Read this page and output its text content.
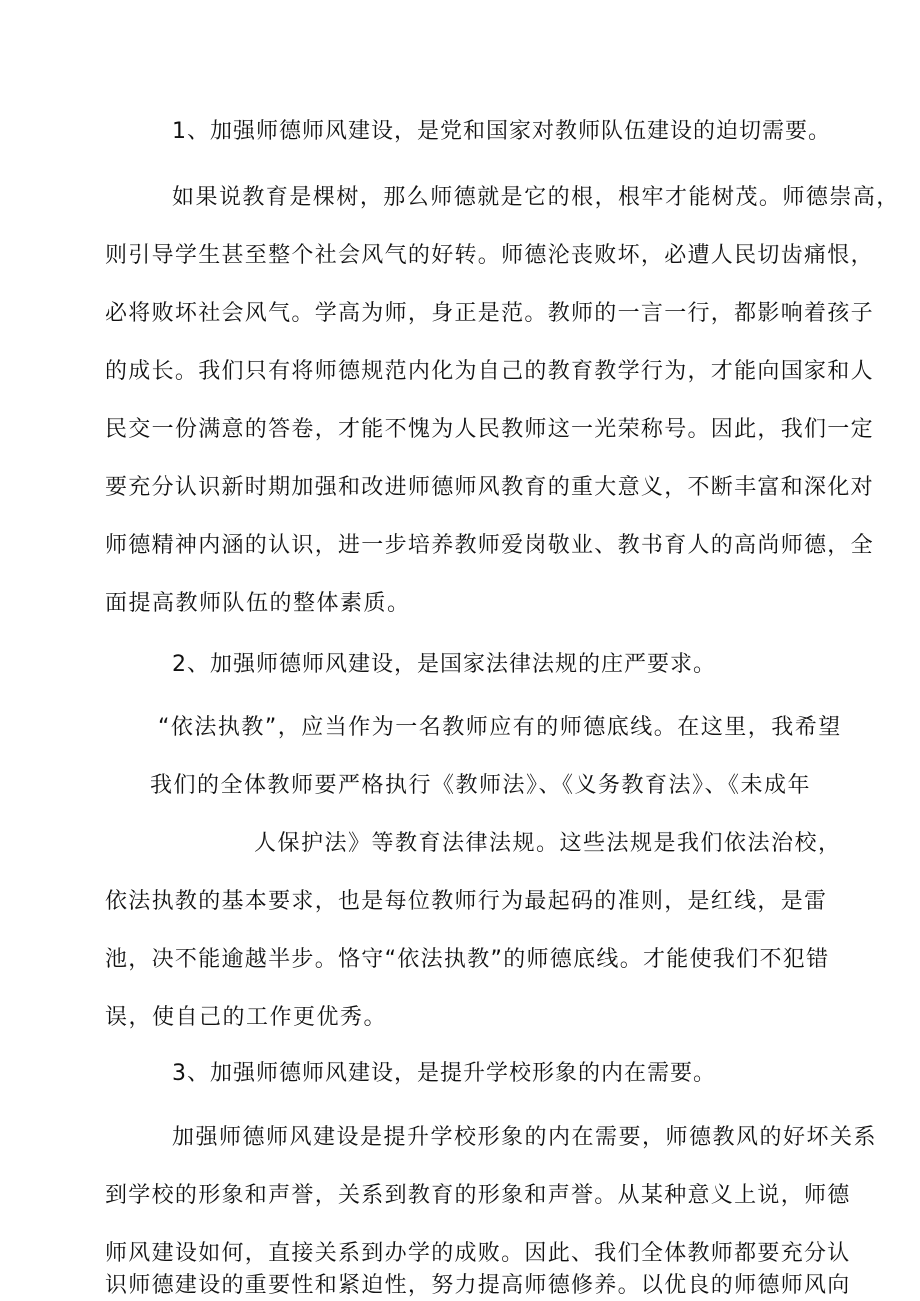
1、加强师德师风建设，是党和国家对教师队伍建设的迫切需要。
如果说教育是棵树，那么师德就是它的根，根牢才能树茂。师德崇高，
则引导学生甚至整个社会风气的好转。师德沦丧败坏，必遭人民切齿痛恨，
必将败坏社会风气。学高为师，身正是范。教师的一言一行，都影响着孩子
的成长。我们只有将师德规范内化为自己的教育教学行为，才能向国家和人
民交一份满意的答卷，才能不愧为人民教师这一光荣称号。因此，我们一定
要充分认识新时期加强和改进师德师风教育的重大意义，不断丰富和深化对
师德精神内涵的认识，进一步培养教师爱岗敬业、教书育人的高尚师德，全
面提高教师队伍的整体素质。
2、加强师德师风建设，是国家法律法规的庄严要求。
“依法执教”，应当作为一名教师应有的师德底线。在这里，我希望
我们的全体教师要严格执行《教师法》、《义务教育法》、《未成年
人保护法》等教育法律法规。这些法规是我们依法治校，
依法执教的基本要求，也是每位教师行为最起码的准则，是红线，是雷
池，决不能逾越半步。恪守“依法执教”的师德底线。才能使我们不犯错
误，使自己的工作更优秀。
3、加强师德师风建设，是提升学校形象的内在需要。
加强师德师风建设是提升学校形象的内在需要，师德教风的好坏关系
到学校的形象和声誉，关系到教育的形象和声誉。从某种意义上说，师德
师风建设如何，直接关系到办学的成败。因此、我们全体教师都要充分认
识师德建设的重要性和紧迫性，努力提高师德修养。以优良的师德师风向
